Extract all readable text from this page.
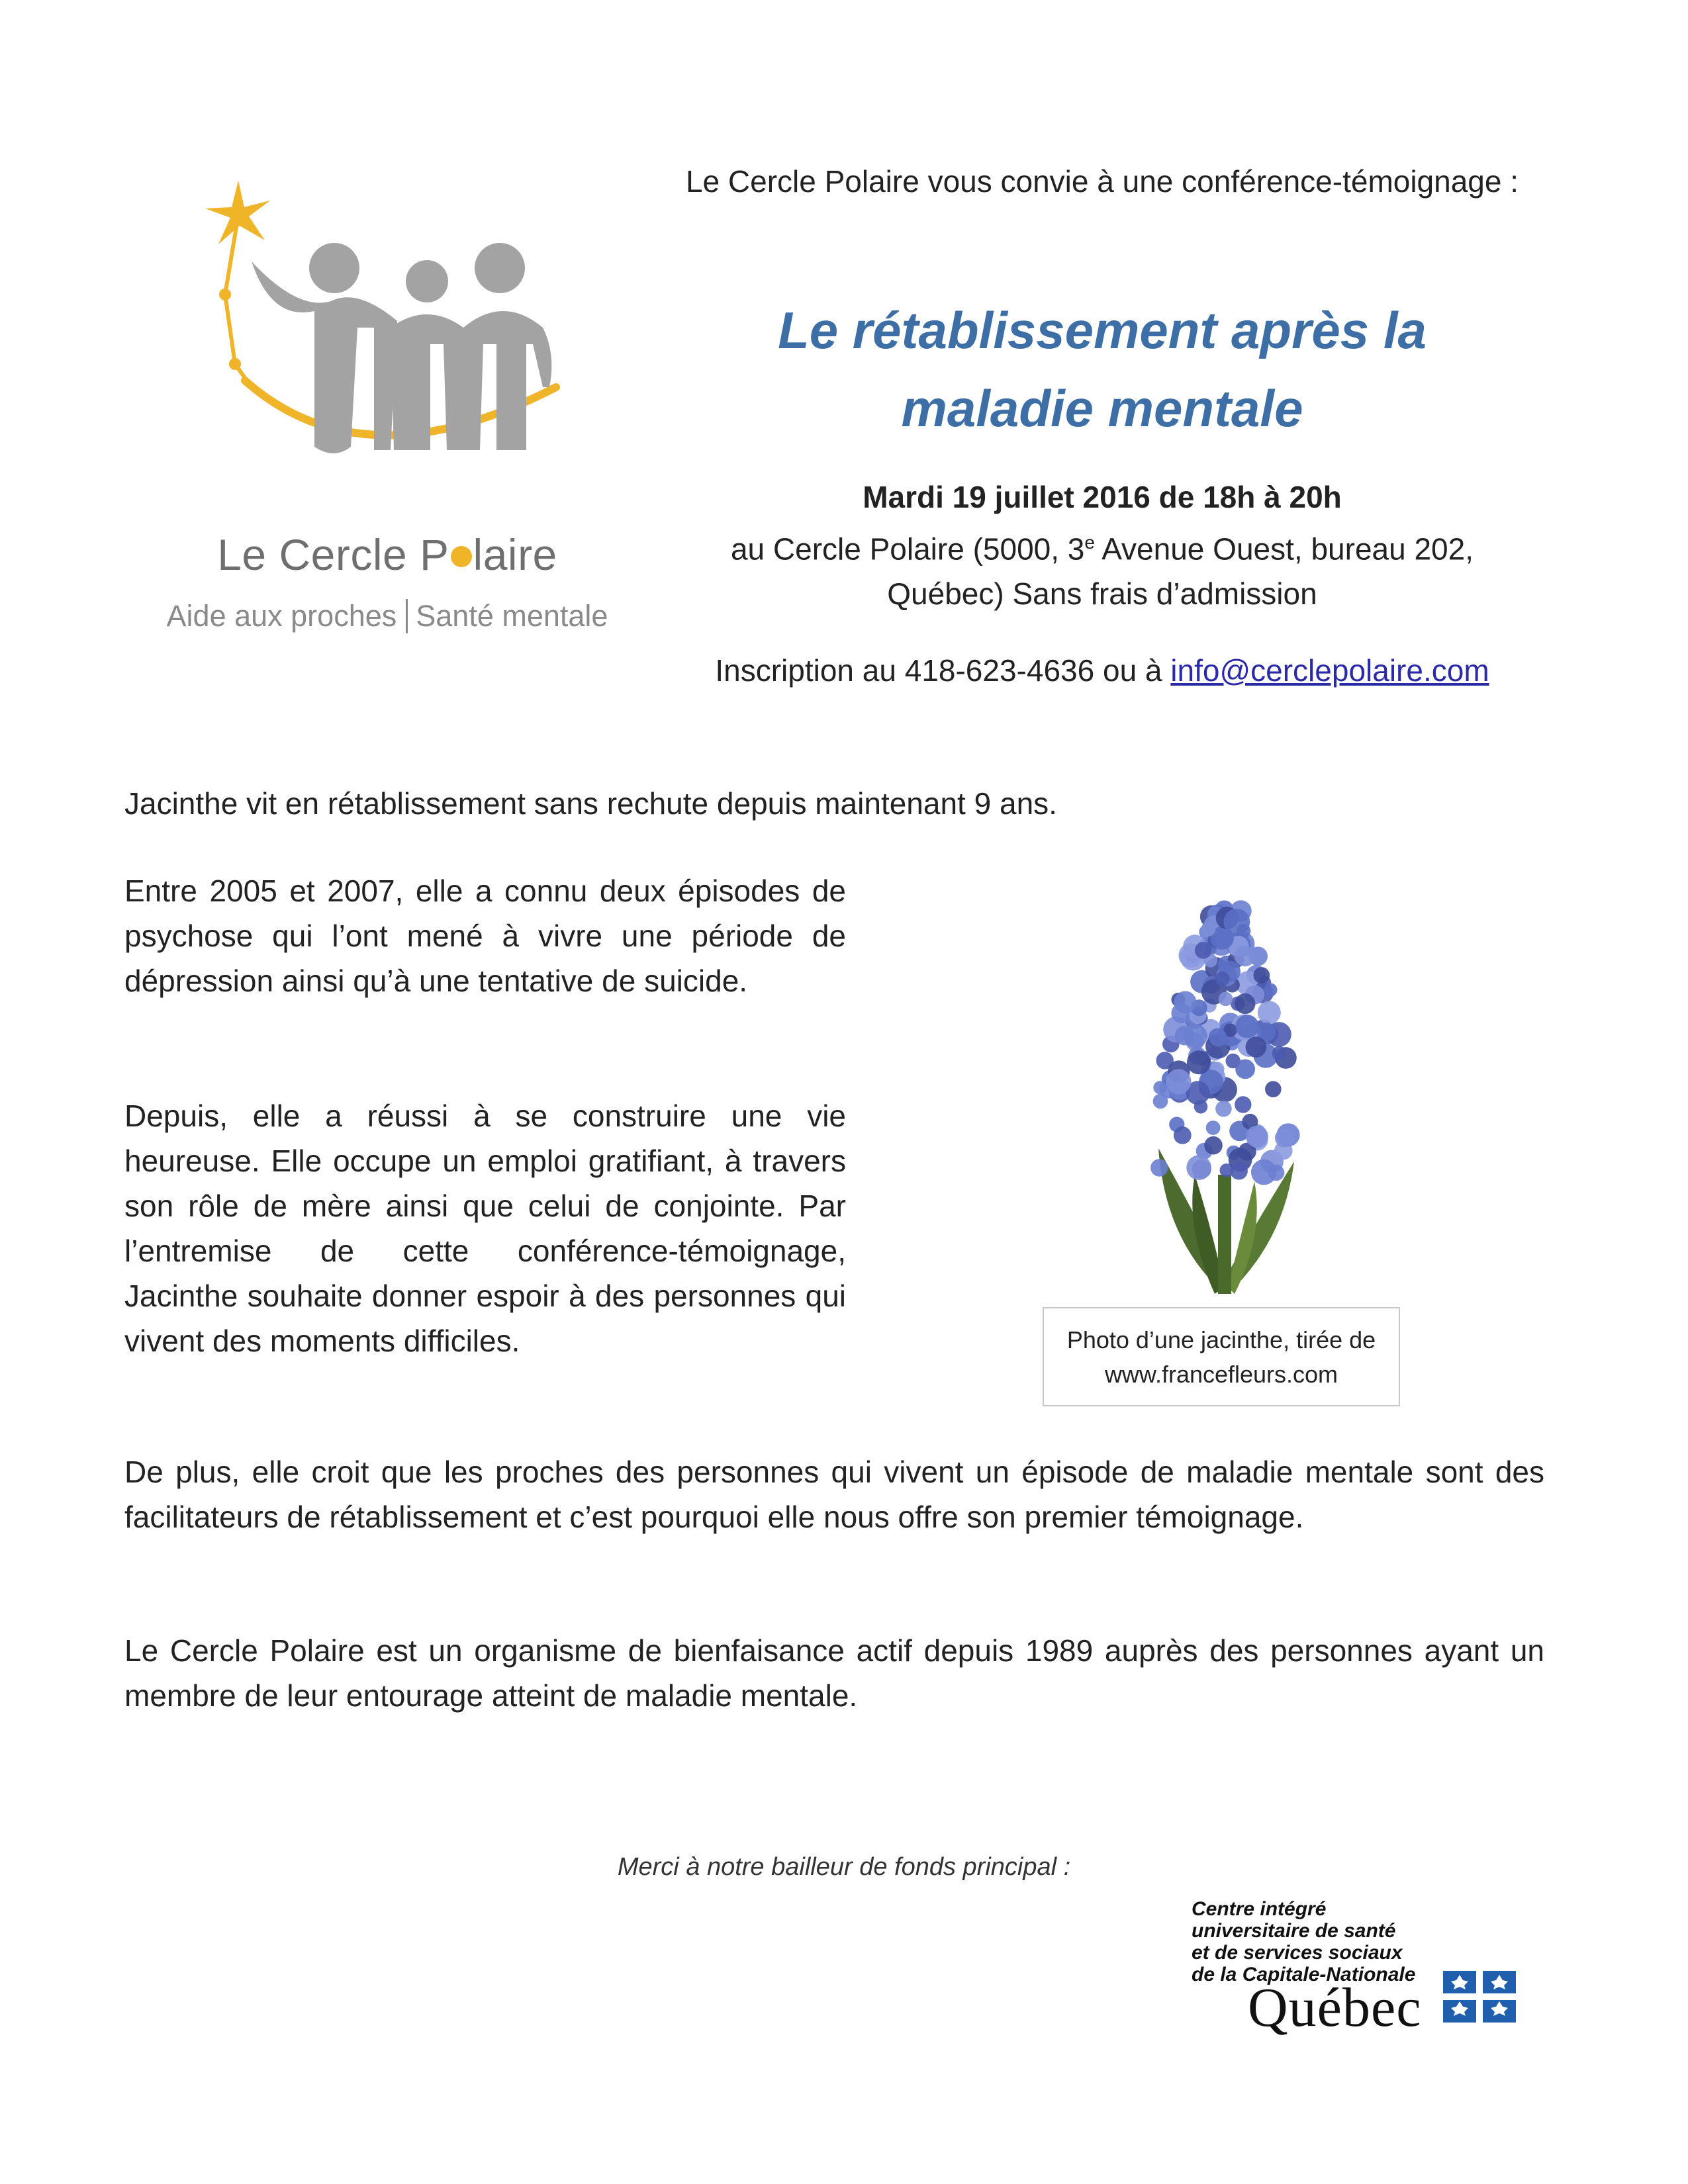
Le Cercle P laire
Aide aux proches Santé mentale
Le Cercle Polaire vous convie à une conférence-témoignage :
Le rétablissement après la maladie mentale
Mardi 19 juillet 2016 de 18h à 20h
au Cercle Polaire (5000, 3e Avenue Ouest, bureau 202, Québec) Sans frais d’admission
Inscription au 418-623-4636 ou à info@cerclepolaire.com
Jacinthe vit en rétablissement sans rechute depuis maintenant 9 ans.
Entre 2005 et 2007, elle a connu deux épisodes de psychose qui l’ont mené à vivre une période de dépression ainsi qu’à une tentative de suicide.
Depuis, elle a réussi à se construire une vie heureuse. Elle occupe un emploi gratifiant, à travers son rôle de mère ainsi que celui de conjointe. Par l’entremise de cette conférence-témoignage, Jacinthe souhaite donner espoir à des personnes qui vivent des moments difficiles.
De plus, elle croit que les proches des personnes qui vivent un épisode de maladie mentale sont des facilitateurs de rétablissement et c’est pourquoi elle nous offre son premier témoignage.
Le Cercle Polaire est un organisme de bienfaisance actif depuis 1989 auprès des personnes ayant un membre de leur entourage atteint de maladie mentale.
Photo d’une jacinthe, tirée de www.francefleurs.com
Merci à notre bailleur de fonds principal :
Centre intégré
universitaire de santé
et de services sociaux
de la Capitale-Nationale
Québec
